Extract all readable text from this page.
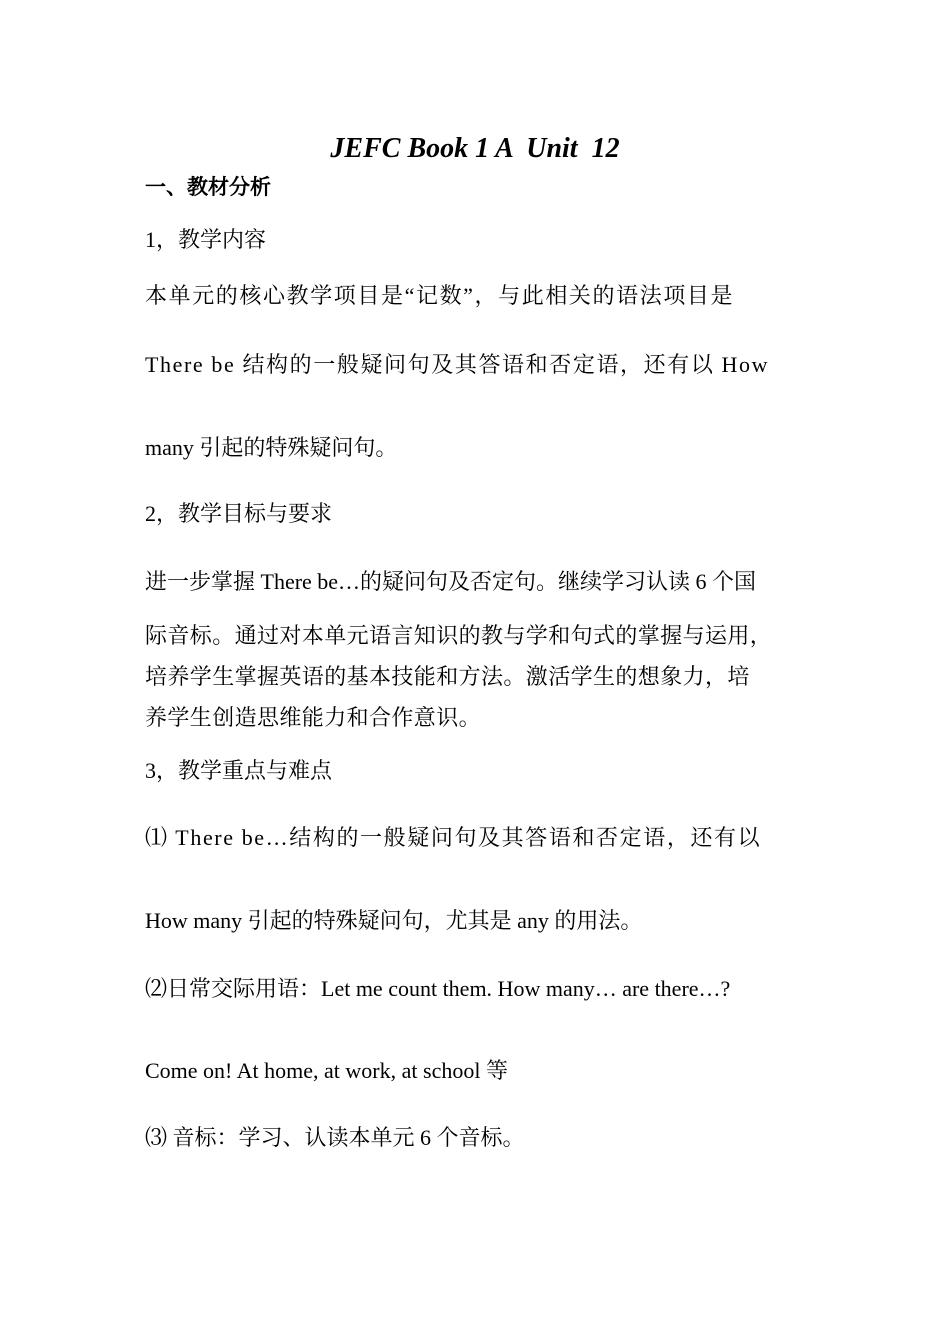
JEFC Book 1 A  Unit  12
一、教材分析
1，教学内容
本单元的核心教学项目是“记数”，与此相关的语法项目是
There be 结构的一般疑问句及其答语和否定语，还有以 How
many 引起的特殊疑问句。
2，教学目标与要求
进一步掌握 There be…的疑问句及否定句。继续学习认读 6 个国
际音标。通过对本单元语言知识的教与学和句式的掌握与运用，
培养学生掌握英语的基本技能和方法。激活学生的想象力，培
养学生创造思维能力和合作意识。
3，教学重点与难点
⑴ There be…结构的一般疑问句及其答语和否定语，还有以
How many 引起的特殊疑问句，尤其是 any 的用法。
⑵日常交际用语：Let me count them. How many… are there…?
Come on! At home, at work, at school 等
⑶ 音标：学习、认读本单元 6 个音标。
